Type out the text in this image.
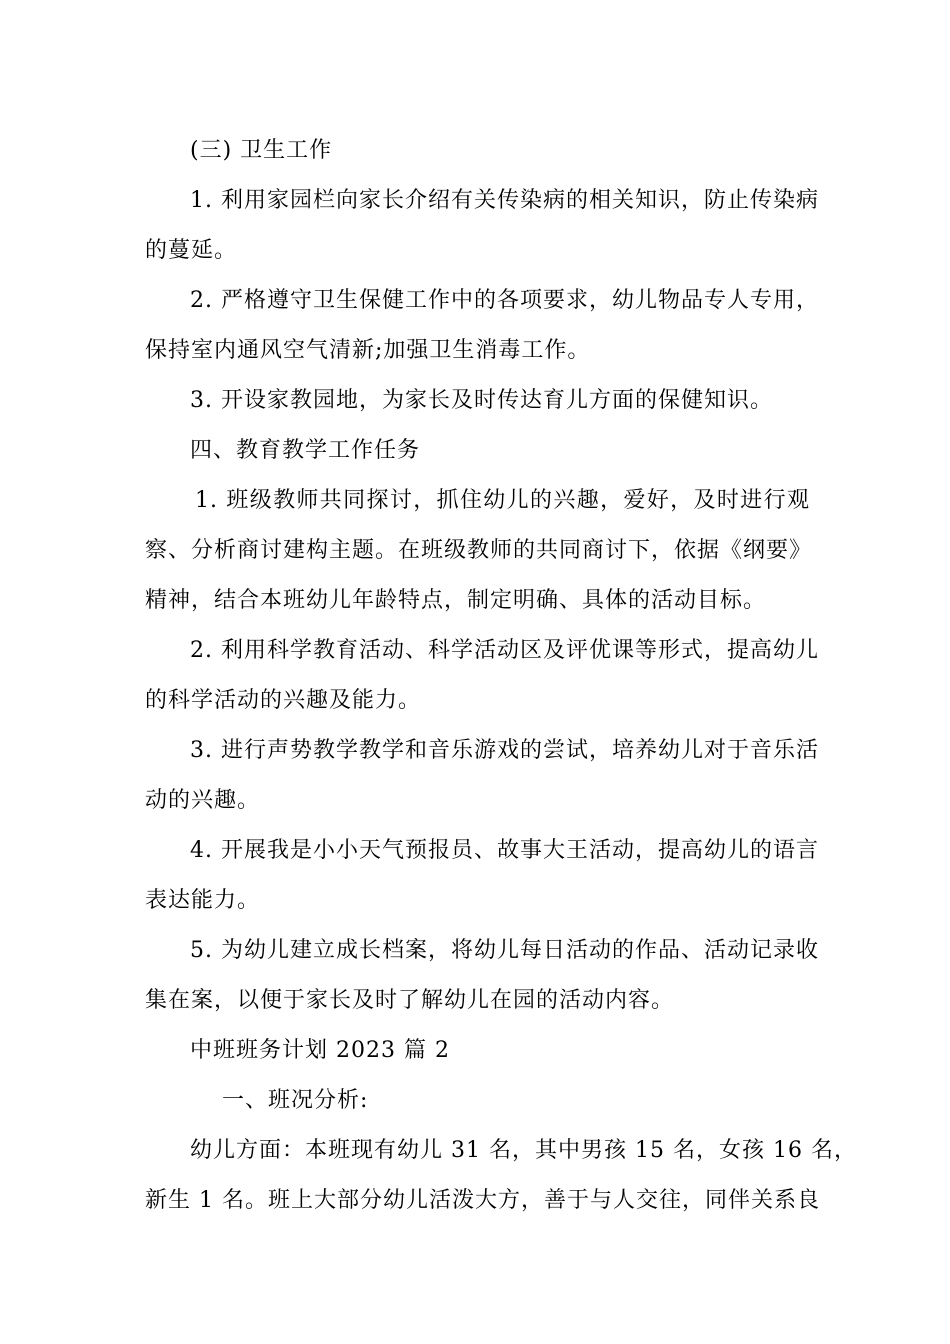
(三) 卫生工作
1. 利用家园栏向家长介绍有关传染病的相关知识，防止传染病
的蔓延。
2. 严格遵守卫生保健工作中的各项要求，幼儿物品专人专用，
保持室内通风空气清新;加强卫生消毒工作。
3. 开设家教园地，为家长及时传达育儿方面的保健知识。
四、教育教学工作任务
1. 班级教师共同探讨，抓住幼儿的兴趣，爱好，及时进行观
察、分析商讨建构主题。在班级教师的共同商讨下，依据《纲要》
精神，结合本班幼儿年龄特点，制定明确、具体的活动目标。
2. 利用科学教育活动、科学活动区及评优课等形式，提高幼儿
的科学活动的兴趣及能力。
3. 进行声势教学教学和音乐游戏的尝试，培养幼儿对于音乐活
动的兴趣。
4. 开展我是小小天气预报员、故事大王活动，提高幼儿的语言
表达能力。
5. 为幼儿建立成长档案，将幼儿每日活动的作品、活动记录收
集在案，以便于家长及时了解幼儿在园的活动内容。
中班班务计划 2023 篇 2
一、班况分析:
幼儿方面：本班现有幼儿 31 名，其中男孩 15 名，女孩 16 名，
新生 1 名。班上大部分幼儿活泼大方，善于与人交往，同伴关系良
